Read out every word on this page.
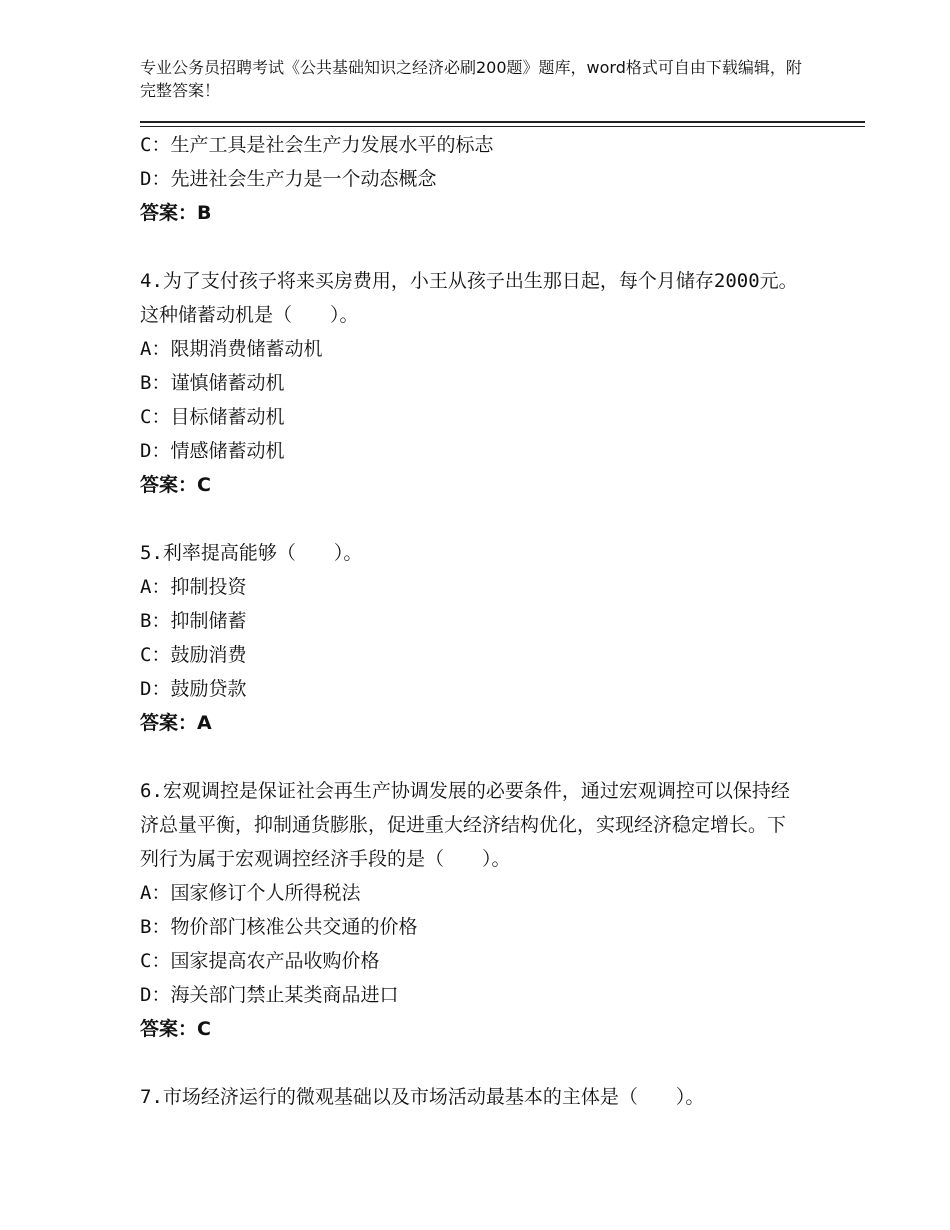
专业公务员招聘考试《公共基础知识之经济必刷200题》题库，word格式可自由下载编辑，附完整答案！
C：生产工具是社会生产力发展水平的标志
D：先进社会生产力是一个动态概念
答案：B
4.为了支付孩子将来买房费用，小王从孩子出生那日起，每个月储存2000元。这种储蓄动机是（　　）。
A：限期消费储蓄动机
B：谨慎储蓄动机
C：目标储蓄动机
D：情感储蓄动机
答案：C
5.利率提高能够（　　）。
A：抑制投资
B：抑制储蓄
C：鼓励消费
D：鼓励贷款
答案：A
6.宏观调控是保证社会再生产协调发展的必要条件，通过宏观调控可以保持经济总量平衡，抑制通货膨胀，促进重大经济结构优化，实现经济稳定增长。下列行为属于宏观调控经济手段的是（　　）。
A：国家修订个人所得税法
B：物价部门核准公共交通的价格
C：国家提高农产品收购价格
D：海关部门禁止某类商品进口
答案：C
7.市场经济运行的微观基础以及市场活动最基本的主体是（　　）。
